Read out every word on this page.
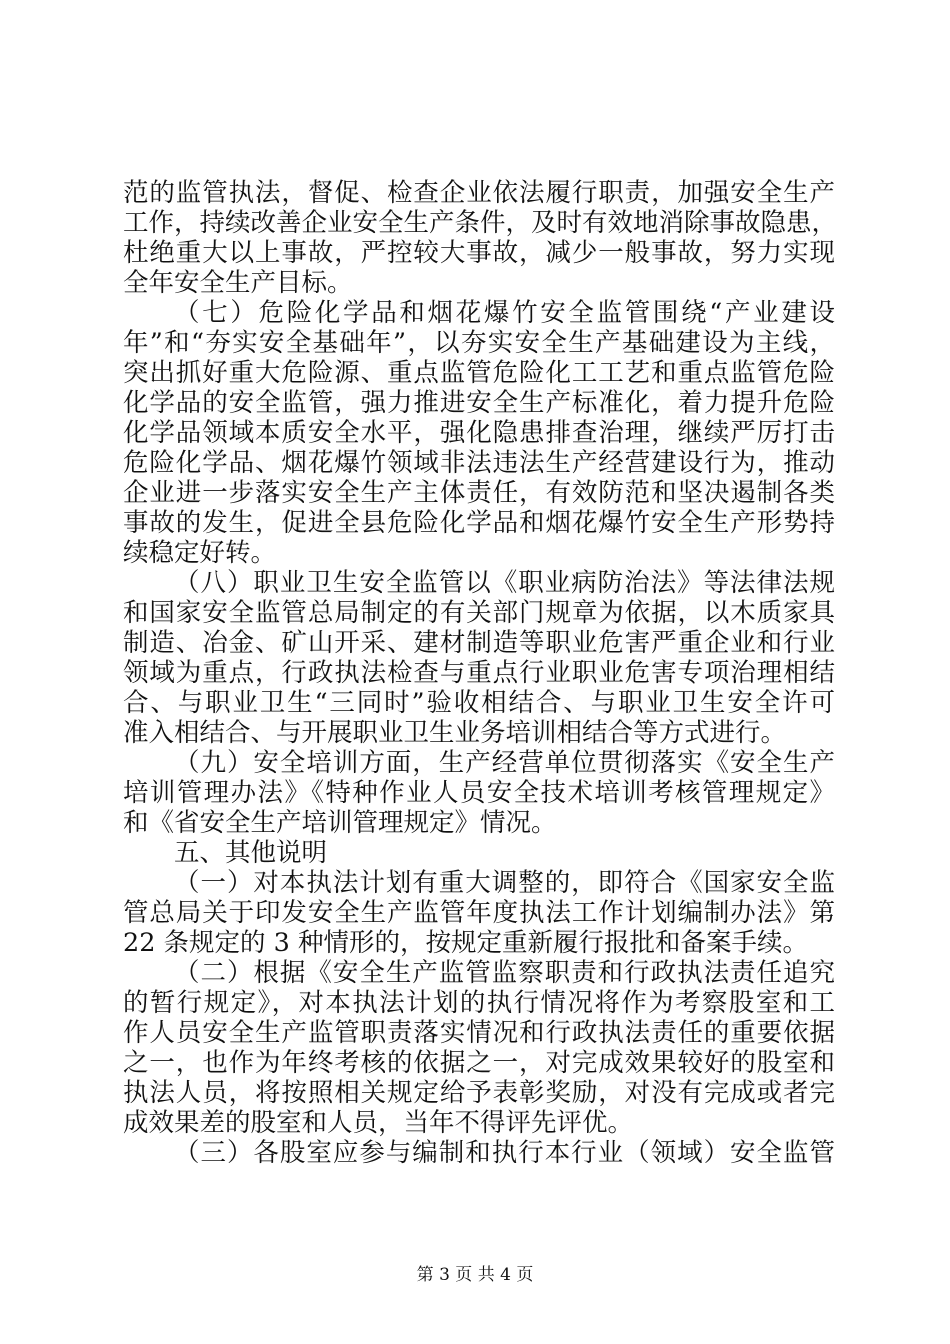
范的监管执法，督促、检查企业依法履行职责，加强安全生产
工作，持续改善企业安全生产条件，及时有效地消除事故隐患，
杜绝重大以上事故，严控较大事故，减少一般事故，努力实现
全年安全生产目标。
（七）危险化学品和烟花爆竹安全监管围绕“产业建设
年”和“夯实安全基础年”，以夯实安全生产基础建设为主线，
突出抓好重大危险源、重点监管危险化工工艺和重点监管危险
化学品的安全监管，强力推进安全生产标准化，着力提升危险
化学品领域本质安全水平，强化隐患排查治理，继续严厉打击
危险化学品、烟花爆竹领域非法违法生产经营建设行为，推动
企业进一步落实安全生产主体责任，有效防范和坚决遏制各类
事故的发生，促进全县危险化学品和烟花爆竹安全生产形势持
续稳定好转。
（八）职业卫生安全监管以《职业病防治法》等法律法规
和国家安全监管总局制定的有关部门规章为依据，以木质家具
制造、冶金、矿山开采、建材制造等职业危害严重企业和行业
领域为重点，行政执法检查与重点行业职业危害专项治理相结
合、与职业卫生“三同时”验收相结合、与职业卫生安全许可
准入相结合、与开展职业卫生业务培训相结合等方式进行。
（九）安全培训方面，生产经营单位贯彻落实《安全生产
培训管理办法》《特种作业人员安全技术培训考核管理规定》
和《省安全生产培训管理规定》情况。
五、其他说明
（一）对本执法计划有重大调整的，即符合《国家安全监
管总局关于印发安全生产监管年度执法工作计划编制办法》第
22 条规定的 3 种情形的，按规定重新履行报批和备案手续。
（二）根据《安全生产监管监察职责和行政执法责任追究
的暂行规定》，对本执法计划的执行情况将作为考察股室和工
作人员安全生产监管职责落实情况和行政执法责任的重要依据
之一，也作为年终考核的依据之一，对完成效果较好的股室和
执法人员，将按照相关规定给予表彰奖励，对没有完成或者完
成效果差的股室和人员，当年不得评先评优。
（三）各股室应参与编制和执行本行业（领域）安全监管
第 3 页 共 4 页
